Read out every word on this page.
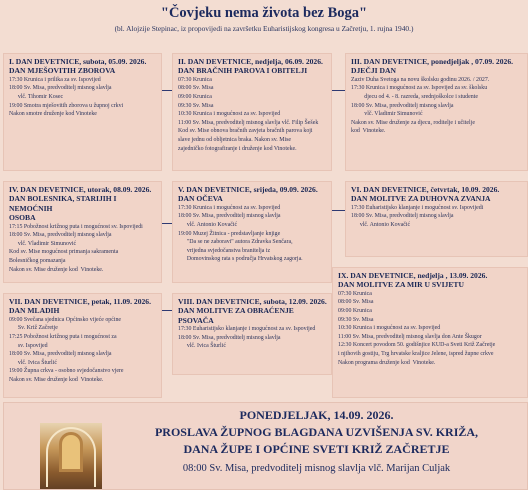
"Čovjeku nema života bez Boga"
(bl. Alojzije Stepinac, iz propovijedi na završetku Euharistijskog kongresa u Začretju, 1. rujna 1940.)
I. DAN DEVETNICE, subota, 05.09. 2026.
DAN MJEŠOVITIH ZBOROVA
17:30 Krunica i prilika za sv. Ispovijed
18:00 Sv. Misa, predvoditelj misnog slavlja
vlč. Tihomir Kosec
19:00 Smotra mješovitih zborova u župnoj crkvi
Nakon smotre druženje kod Vinoteke
II. DAN DEVETNICE, nedjelja, 06.09. 2026.
DAN BRAČNIH PAROVA I OBITELJI
07:30 Krunica
08:00 Sv. Misa
09:00 Krunica
09:30 Sv. Misa
10:30 Krunica i mogućnost za sv. Ispovijed
11:00 Sv. Misa, predvoditelj misnog slavlja vlč. Filip Šešek
Kod sv. Mise obnova bračnih zavjeta bračnih parova koji
slave jednu od obljetnica braka. Nakon sv. Mise
zajedničko fotografiranje i druženje kod Vinoteke.
III. DAN DEVETNICE, ponedjeljak , 07.09. 2026.
DJEČJI DAN
Zaziv Duha Svetoga na novu školsku godinu 2026. / 2027.
17:30 Krunica i mogućnost za sv. Ispovijed za sv. školsku
djecu od 4. - 8. razreda, srednjoškolce i studente
18:00 Sv. Misa, predvoditelj misnog slavlja
vlč. Vladimir Simunović
Nakon sv. Mise druženje za djecu, roditelje i učitelje
kod  Vinoteke.
IV. DAN DEVETNICE, utorak, 08.09. 2026.
DAN BOLESNIKA, STARIJIH I NEMOĆNIH
OSOBA
17:15 Pobožnost križnog puta i mogućnost sv. Ispovijedi
18:00 Sv. Misa, predvoditelj misnog slavlja
vlč. Vladimir Simunović
Kod sv. Mise mogućnost primanja sakramenta
Bolesničkog pomazanja
Nakon sv. Mise druženje kod  Vinoteke.
V. DAN DEVETNICE, srijeda, 09.09. 2026.
DAN OČEVA
17:30 Krunica i mogućnost za sv. Ispovijed
18:00 Sv. Misa, predvoditelj misnog slavlja
vlč. Antonio Kovačić
19:00 Muzej Žitnica - predstavljanje knjige
"Da se ne zaboravi" autora Zdravka Senčara,
vrijedna svjedočanstva branitelja iz
Domovinskog rata s područja Hrvatskog zagorja.
VI. DAN DEVETNICE, četvrtak, 10.09. 2026.
DAN MOLITVE ZA DUHOVNA ZVANJA
17:30 Euharistijsko klanjanje i mogućnost sv. Ispovijedi
18:00 Sv. Misa, predvoditelj misnog slavlja
vlč. Antonio Kovačić
VII. DAN DEVETNICE, petak, 11.09. 2026.
DAN MLADIH
09:00 Svečana sjednica Općinsko vijeće općine
Sv. Križ Začretje
17:25 Pobožnost križnog puta i mogućnost za
sv. Ispovijed
18:00 Sv. Misa, predvoditelj misnog slavlja
vlč. Ivica Šturlić
19:00 Župna crkva - osobno svjedočanstvo vjere
Nakon sv. Mise druženje kod  Vinoteke.
VIII. DAN DEVETNICE, subota, 12.09. 2026.
DAN MOLITVE ZA OBRAĆENJE PSOVAČA
17:30 Euharistijsko klanjanje i mogućnost za sv. Ispovijed
18:00 Sv. Misa, predvoditelj misnog slavlja
vlč. Ivica Šturlić
IX. DAN DEVETNICE, nedjelja , 13.09. 2026.
DAN MOLITVE ZA MIR U SVIJETU
07:30 Krunica
08:00 Sv. Misa
09:00 Krunica
09:30 Sv. Misa
10:30 Krunica i mogućnost za sv. Ispovijed
11:00 Sv. Misa, predvoditelj misnog slavlja don Ante Škugor
12:30 Koncert povodom 50. godišnjice KUD-a Sveti Križ Začretje
i njihovih gostiju, Trg hrvatske kraljice Jelene, ispred župne crkve
Nakon programa druženje kod  Vinoteke.
PONEDJELJAK, 14.09. 2026.
PROSLAVA ŽUPNOG BLAGDANA UZVIŠENJA SV. KRIŽA,
DANA ŽUPE I OPĆINE SVETI KRIŽ ZAČRETJE
08:00 Sv. Misa, predvoditelj misnog slavlja vlč. Marijan Culjak
